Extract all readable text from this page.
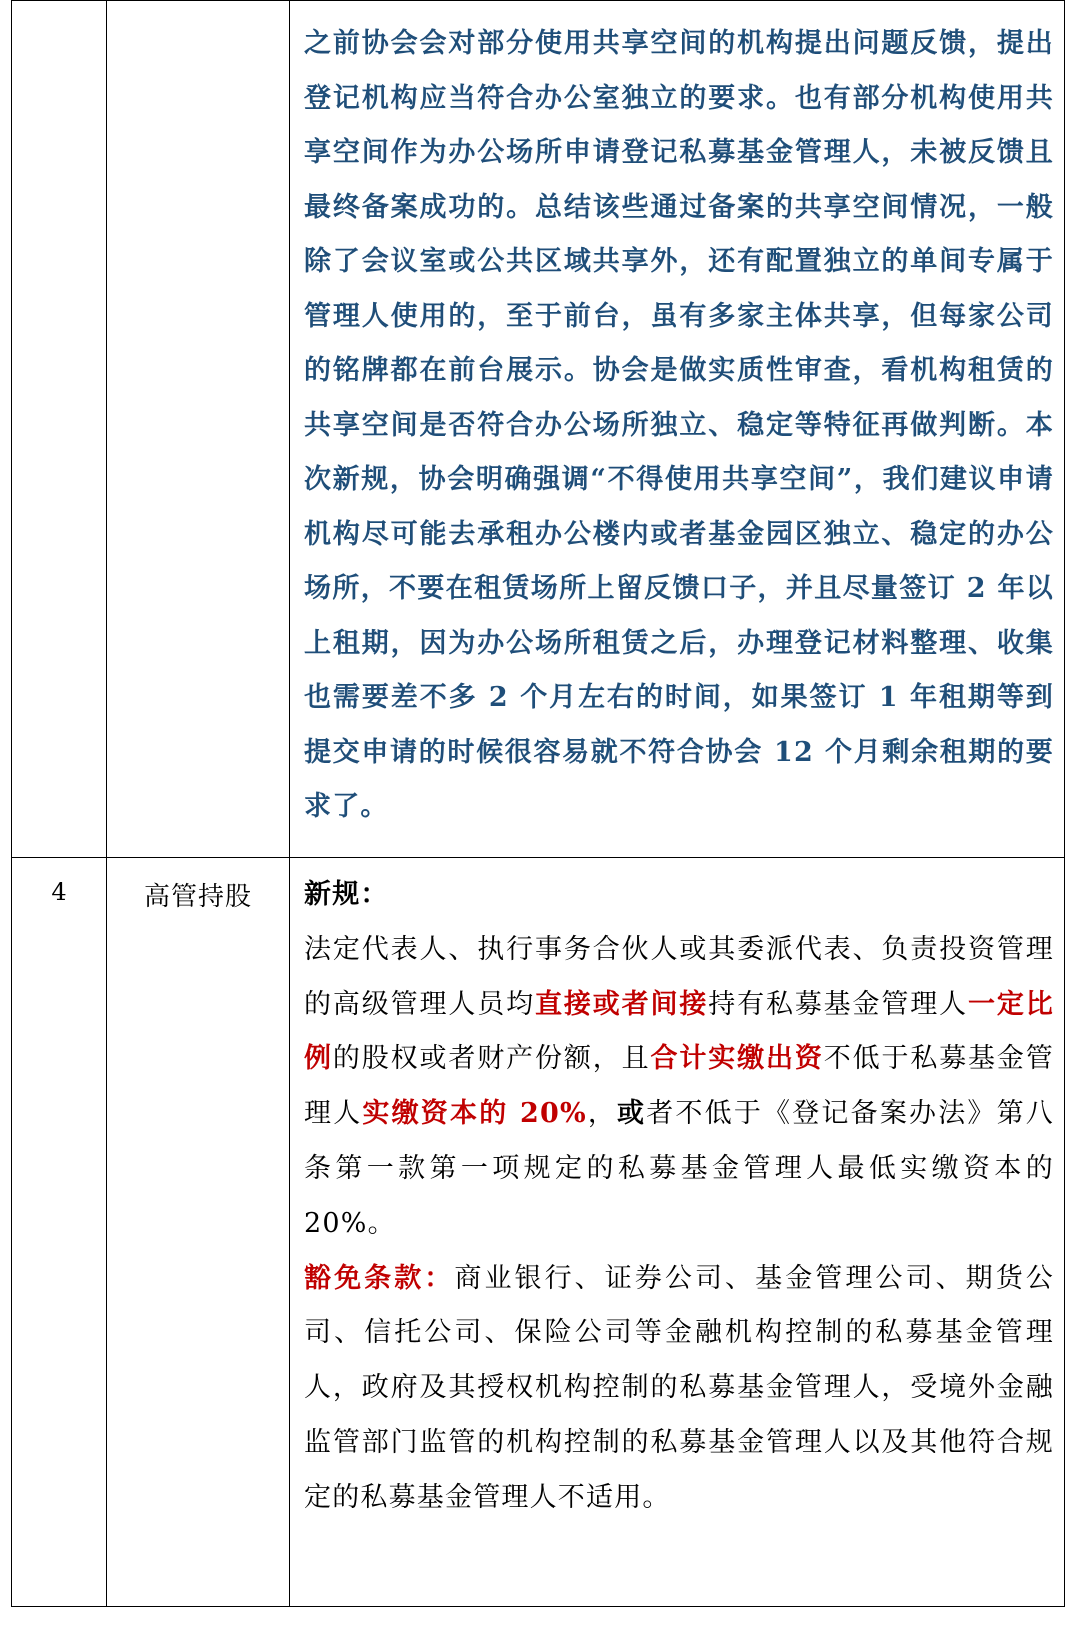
		之前协会会对部分使用共享空间的机构提出问题反馈，提出登记机构应当符合办公室独立的要求。也有部分机构使用共享空间作为办公场所申请登记私募基金管理人，未被反馈且最终备案成功的。总结该些通过备案的共享空间情况，一般除了会议室或公共区域共享外，还有配置独立的单间专属于管理人使用的，至于前台，虽有多家主体共享，但每家公司的铭牌都在前台展示。协会是做实质性审查，看机构租赁的共享空间是否符合办公场所独立、稳定等特征再做判断。本次新规，协会明确强调“不得使用共享空间”，我们建议申请机构尽可能去承租办公楼内或者基金园区独立、稳定的办公场所，不要在租赁场所上留反馈口子，并且尽量签订 2 年以上租期，因为办公场所租赁之后，办理登记材料整理、收集也需要差不多 2 个月左右的时间，如果签订 1 年租期等到提交申请的时候很容易就不符合协会 12 个月剩余租期的要求了。

4	高管持股	新规：
法定代表人、执行事务合伙人或其委派代表、负责投资管理的高级管理人员均直接或者间接持有私募基金管理人一定比例的股权或者财产份额，且合计实缴出资不低于私募基金管理人实缴资本的 20%，或者不低于《登记备案办法》第八条第一款第一项规定的私募基金管理人最低实缴资本的 20%。
豁免条款：商业银行、证券公司、基金管理公司、期货公司、信托公司、保险公司等金融机构控制的私募基金管理人，政府及其授权机构控制的私募基金管理人，受境外金融监管部门监管的机构控制的私募基金管理人以及其他符合规定的私募基金管理人不适用。
